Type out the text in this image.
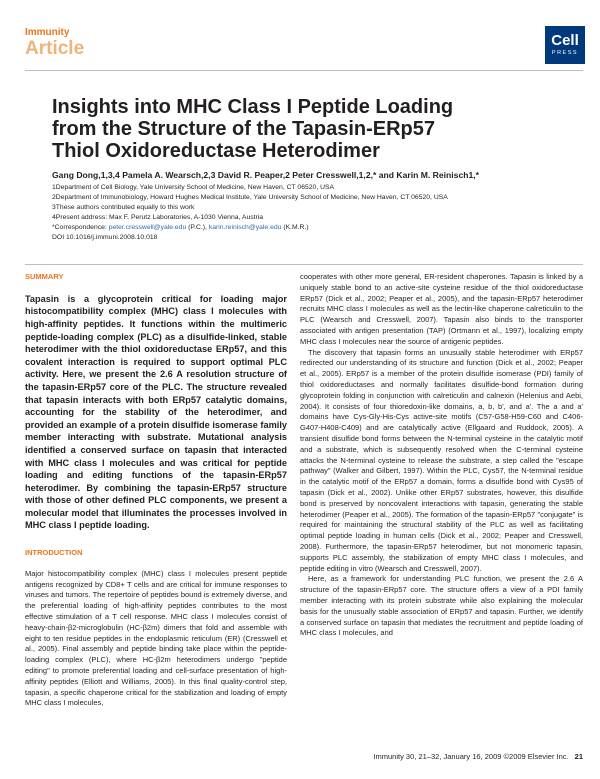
Immunity
Article	Cell
PRESS
Insights into MHC Class I Peptide Loading
from the Structure of the Tapasin-ERp57
Thiol Oxidoreductase Heterodimer

Gang Dong,1,3,4 Pamela A. Wearsch,2,3 David R. Peaper,2 Peter Cresswell,1,2,* and Karin M. Reinisch1,*

1Department of Cell Biology, Yale University School of Medicine, New Haven, CT 06520, USA
2Department of Immunobiology, Howard Hughes Medical Institute, Yale University School of Medicine, New Haven, CT 06520, USA
3These authors contributed equally to this work
4Present address: Max F. Perutz Laboratories, A-1030 Vienna, Austria
*Correspondence: peter.cresswell@yale.edu (P.C.), karin.reinisch@yale.edu (K.M.R.)
DOI 10.1016/j.immuni.2008.10.018
SUMMARY

Tapasin is a glycoprotein critical for loading major histocompatibility complex (MHC) class I molecules with high-affinity peptides. It functions within the multimeric peptide-loading complex (PLC) as a disulfide-linked, stable heterodimer with the thiol oxidoreductase ERp57, and this covalent interaction is required to support optimal PLC activity. Here, we present the 2.6 A resolution structure of the tapasin-ERp57 core of the PLC. The structure revealed that tapasin interacts with both ERp57 catalytic domains, accounting for the stability of the heterodimer, and provided an example of a protein disulfide isomerase family member interacting with substrate. Mutational analysis identified a conserved surface on tapasin that interacted with MHC class I molecules and was critical for peptide loading and editing functions of the tapasin-ERp57 heterodimer. By combining the tapasin-ERp57 structure with those of other defined PLC components, we present a molecular model that illuminates the processes involved in MHC class I peptide loading.

INTRODUCTION

Major histocompatibility complex (MHC) class I molecules present peptide antigens recognized by CD8+ T cells and are critical for immune responses to viruses and tumors. The repertoire of peptides bound is extremely diverse, and the preferential loading of high-affinity peptides contributes to the most effective stimulation of a T cell response. MHC class I molecules consist of heavy-chain-β2-microglobulin (HC-β2m) dimers that fold and assemble with eight to ten residue peptides in the endoplasmic reticulum (ER) (Cresswell et al., 2005). Final assembly and peptide binding take place within the peptide-loading complex (PLC), where HC-β2m heterodimers undergo "peptide editing" to promote preferential loading and cell-surface presentation of high-affinity peptides (Elliott and Williams, 2005). In this final quality-control step, tapasin, a specific chaperone critical for the stabilization and loading of empty MHC class I molecules,

cooperates with other more general, ER-resident chaperones. Tapasin is linked by a uniquely stable bond to an active-site cysteine residue of the thiol oxidoreductase ERp57 (Dick et al., 2002; Peaper et al., 2005), and the tapasin-ERp57 heterodimer recruits MHC class I molecules as well as the lectin-like chaperone calreticulin to the PLC (Wearsch and Cresswell, 2007). Tapasin also binds to the transporter associated with antigen presentation (TAP) (Ortmann et al., 1997), localizing empty MHC class I molecules near the source of antigenic peptides.

The discovery that tapasin forms an unusually stable heterodimer with ERp57 redirected our understanding of its structure and function (Dick et al., 2002; Peaper et al., 2005). ERp57 is a member of the protein disulfide isomerase (PDI) family of thiol oxidoreductases and normally facilitates disulfide-bond formation during glycoprotein folding in conjunction with calreticulin and calnexin (Helenius and Aebi, 2004). It consists of four thioredoxin-like domains, a, b, b', and a'. The a and a' domains have Cys-Gly-His-Cys active-site motifs (C57-G58-H59-C60 and C406-G407-H408-C409) and are catalytically active (Ellgaard and Ruddock, 2005). A transient disulfide bond forms between the N-terminal cysteine in the catalytic motif and a substrate, which is subsequently resolved when the C-terminal cysteine attacks the N-terminal cysteine to release the substrate, a step called the "escape pathway" (Walker and Gilbert, 1997). Within the PLC, Cys57, the N-terminal residue in the catalytic motif of the ERp57 a domain, forms a disulfide bond with Cys95 of tapasin (Dick et al., 2002). Unlike other ERp57 substrates, however, this disulfide bond is preserved by noncovalent interactions with tapasin, generating the stable heterodimer (Peaper et al., 2005). The formation of the tapasin-ERp57 "conjugate" is required for maintaining the structural stability of the PLC as well as facilitating optimal peptide loading in human cells (Dick et al., 2002; Peaper and Cresswell, 2008). Furthermore, the tapasin-ERp57 heterodimer, but not monomeric tapasin, supports PLC assembly, the stabilization of empty MHC class I molecules, and peptide editing in vitro (Wearsch and Cresswell, 2007).

Here, as a framework for understanding PLC function, we present the 2.6 A structure of the tapasin-ERp57 core. The structure offers a view of a PDI family member interacting with its protein substrate while also explaining the molecular basis for the unusually stable association of ERp57 and tapasin. Further, we identify a conserved surface on tapasin that mediates the recruitment and peptide loading of MHC class I molecules, and

Immunity 30, 21–32, January 16, 2009 ©2009 Elsevier Inc. 21
